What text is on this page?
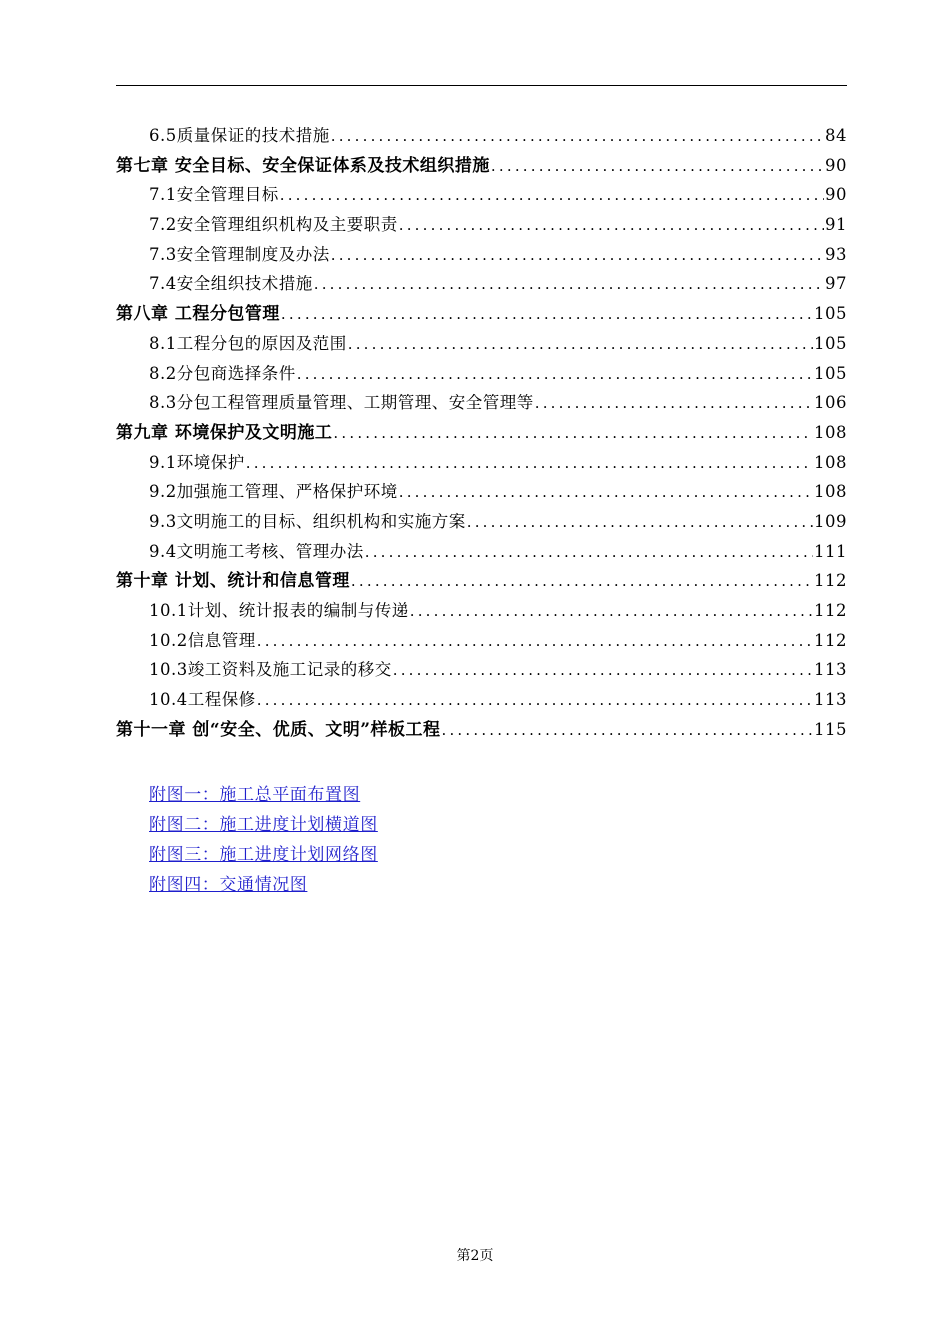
6.5质量保证的技术措施 .....	84
第七章 安全目标、安全保证体系及技术组织措施 .....	90
7.1安全管理目标 .....	90
7.2安全管理组织机构及主要职责 .....	91
7.3安全管理制度及办法 .....	93
7.4安全组织技术措施 .....	97
第八章 工程分包管理 .....	105
8.1工程分包的原因及范围 .....	105
8.2分包商选择条件 .....	105
8.3分包工程管理质量管理、工期管理、安全管理等 .....	106
第九章 环境保护及文明施工 .....	108
9.1环境保护 .....	108
9.2加强施工管理、严格保护环境 .....	108
9.3文明施工的目标、组织机构和实施方案 .....	109
9.4文明施工考核、管理办法 .....	111
第十章 计划、统计和信息管理 .....	112
10.1计划、统计报表的编制与传递 .....	112
10.2信息管理 .....	112
10.3竣工资料及施工记录的移交 .....	113
10.4工程保修 .....	113
第十一章 创“安全、优质、文明”样板工程 .....	115
附图一：施工总平面布置图
附图二：施工进度计划横道图
附图三：施工进度计划网络图
附图四：交通情况图
第2页
